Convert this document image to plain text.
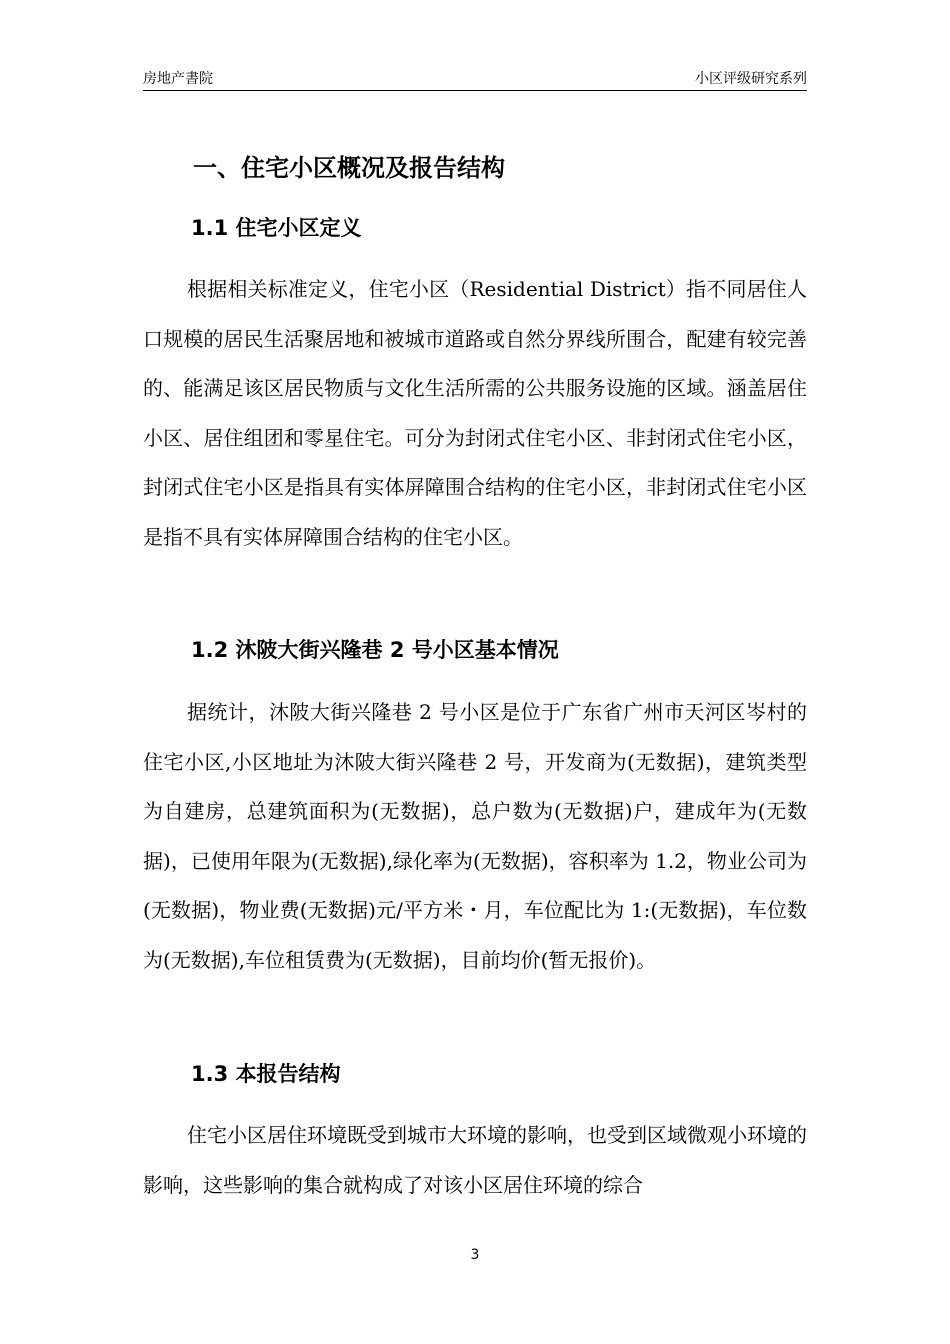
房地产書院	小区评级研究系列
一、住宅小区概况及报告结构
1.1 住宅小区定义
根据相关标准定义，住宅小区（Residential District）指不同居住人口规模的居民生活聚居地和被城市道路或自然分界线所围合，配建有较完善的、能满足该区居民物质与文化生活所需的公共服务设施的区域。涵盖居住小区、居住组团和零星住宅。可分为封闭式住宅小区、非封闭式住宅小区，封闭式住宅小区是指具有实体屏障围合结构的住宅小区，非封闭式住宅小区是指不具有实体屏障围合结构的住宅小区。
1.2 沐陂大街兴隆巷 2 号小区基本情况
据统计，沐陂大街兴隆巷 2 号小区是位于广东省广州市天河区岑村的住宅小区,小区地址为沐陂大街兴隆巷 2 号，开发商为(无数据)，建筑类型为自建房，总建筑面积为(无数据)，总户数为(无数据)户，建成年为(无数据)，已使用年限为(无数据),绿化率为(无数据)，容积率为 1.2，物业公司为(无数据)，物业费(无数据)元/平方米・月，车位配比为 1:(无数据)，车位数为(无数据),车位租赁费为(无数据)，目前均价(暂无报价)。
1.3 本报告结构
住宅小区居住环境既受到城市大环境的影响，也受到区域微观小环境的影响，这些影响的集合就构成了对该小区居住环境的综合
3
